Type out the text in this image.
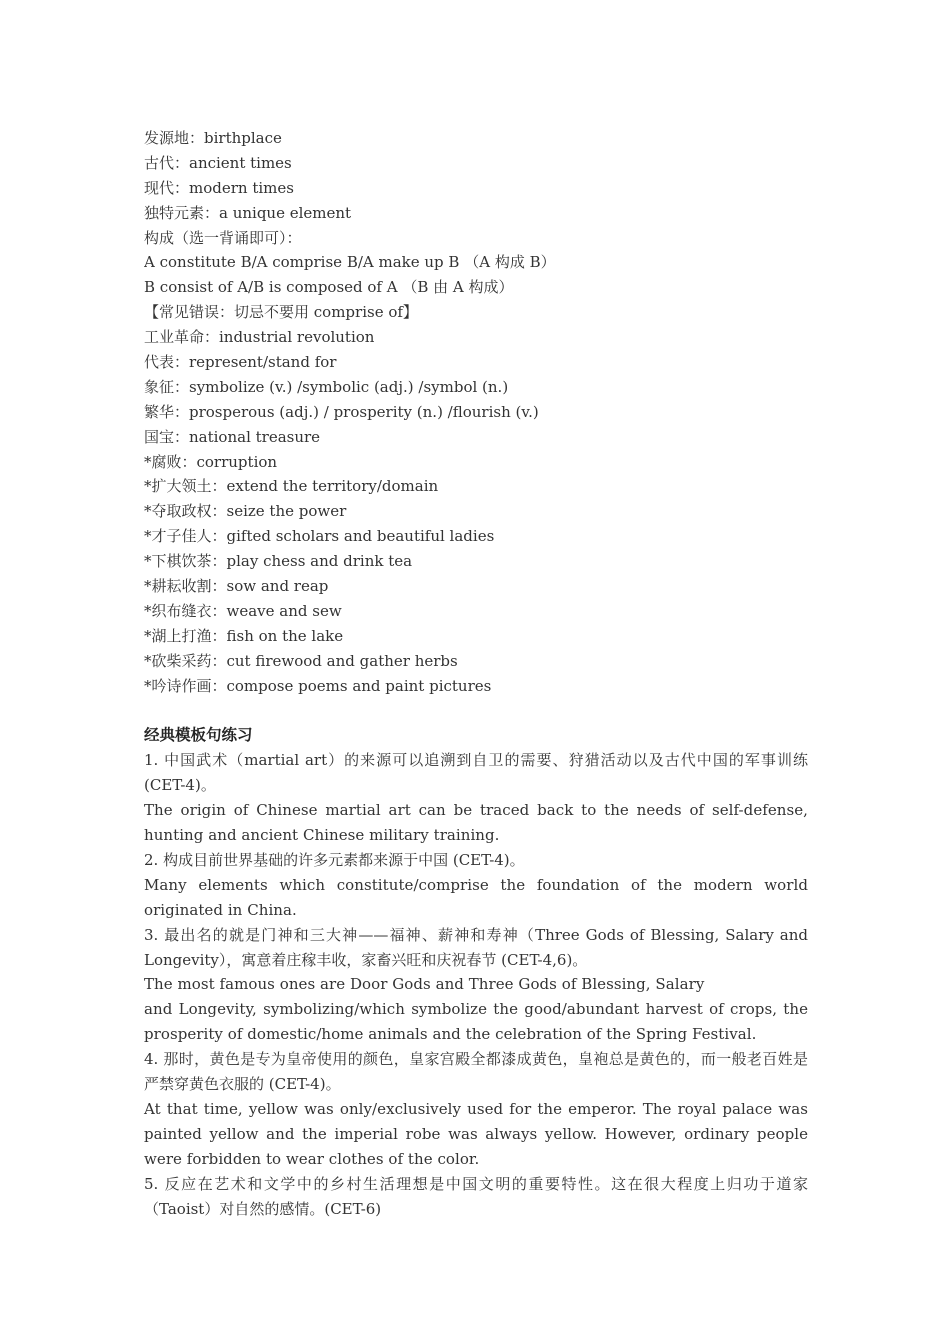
发源地：birthplace
古代：ancient times
现代：modern times
独特元素：a unique element
构成（选一背诵即可）：
A constitute B/A comprise B/A make up B （A 构成 B）
B consist of A/B is composed of A （B 由 A 构成）
【常见错误：切忌不要用 comprise of】
工业革命：industrial revolution
代表：represent/stand for
象征：symbolize (v.) /symbolic (adj.) /symbol (n.)
繁华：prosperous (adj.) / prosperity (n.) /flourish (v.)
国宝：national treasure
*腐败：corruption
*扩大领土：extend the territory/domain
*夺取政权：seize the power
*才子佳人：gifted scholars and beautiful ladies
*下棋饮茶：play chess and drink tea
*耕耘收割：sow and reap
*织布缝衣：weave and sew
*湖上打渔：fish on the lake
*砍柴采药：cut firewood and gather herbs
*吟诗作画：compose poems and paint pictures
经典模板句练习
1. 中国武术（martial art）的来源可以追溯到自卫的需要、狩猎活动以及古代中国的军事训练 (CET-4)。
The origin of Chinese martial art can be traced back to the needs of self-defense, hunting and ancient Chinese military training.
2. 构成目前世界基础的许多元素都来源于中国 (CET-4)。
Many elements which constitute/comprise the foundation of the modern world originated in China.
3. 最出名的就是门神和三大神——福神、薪神和寿神（Three Gods of Blessing, Salary and Longevity），寓意着庄稼丰收，家畜兴旺和庆祝春节 (CET-4,6)。
The most famous ones are Door Gods and Three Gods of Blessing, Salary
and Longevity, symbolizing/which symbolize the good/abundant harvest of crops, the prosperity of domestic/home animals and the celebration of the Spring Festival.
4. 那时，黄色是专为皇帝使用的颜色，皇家宫殿全都漆成黄色，皇袍总是黄色的，而一般老百姓是严禁穿黄色衣服的 (CET-4)。
At that time, yellow was only/exclusively used for the emperor. The royal palace was painted yellow and the imperial robe was always yellow. However, ordinary people were forbidden to wear clothes of the color.
5. 反应在艺术和文学中的乡村生活理想是中国文明的重要特性。这在很大程度上归功于道家（Taoist）对自然的感情。(CET-6)
